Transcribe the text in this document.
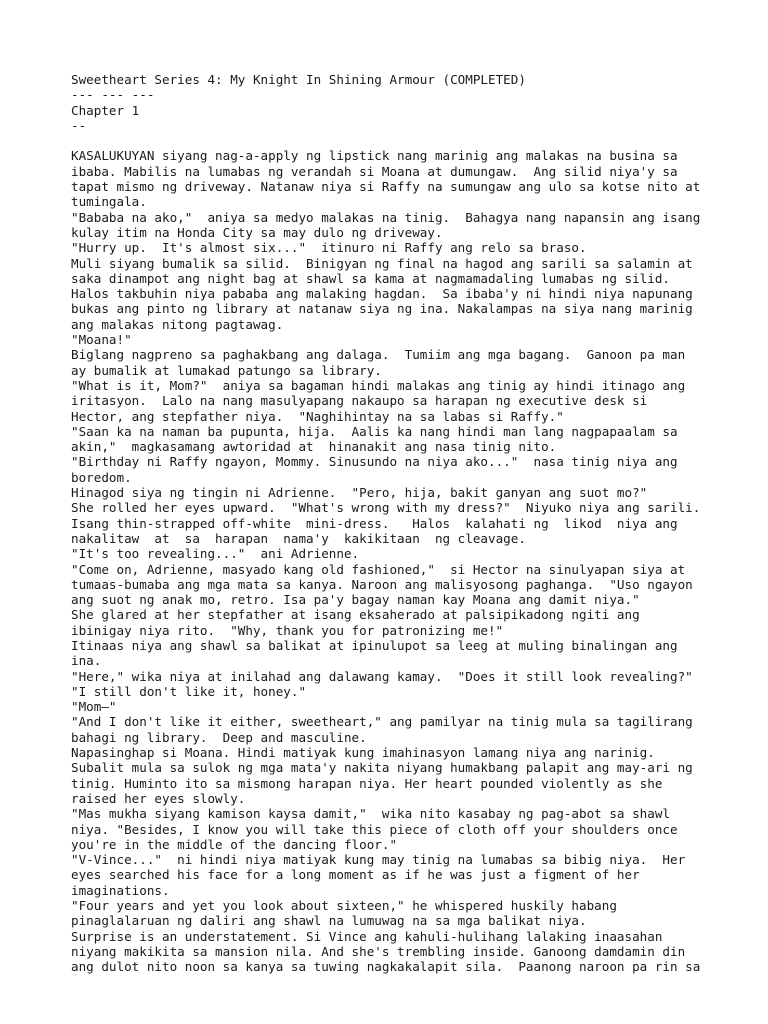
Sweetheart Series 4: My Knight In Shining Armour (COMPLETED)
--- --- ---
Chapter 1
--
KASALUKUYAN siyang nag-a-apply ng lipstick nang marinig ang malakas na busina sa
ibaba. Mabilis na lumabas ng verandah si Moana at dumungaw.  Ang silid niya'y sa
tapat mismo ng driveway. Natanaw niya si Raffy na sumungaw ang ulo sa kotse nito at
tumingala.
"Bababa na ako,"  aniya sa medyo malakas na tinig.  Bahagya nang napansin ang isang
kulay itim na Honda City sa may dulo ng driveway.
"Hurry up.  It's almost six..."  itinuro ni Raffy ang relo sa braso.
Muli siyang bumalik sa silid.  Binigyan ng final na hagod ang sarili sa salamin at
saka dinampot ang night bag at shawl sa kama at nagmamadaling lumabas ng silid.
Halos takbuhin niya pababa ang malaking hagdan.  Sa ibaba'y ni hindi niya napunang
bukas ang pinto ng library at natanaw siya ng ina. Nakalampas na siya nang marinig
ang malakas nitong pagtawag.
"Moana!"
Biglang nagpreno sa paghakbang ang dalaga.  Tumiim ang mga bagang.  Ganoon pa man
ay bumalik at lumakad patungo sa library.
"What is it, Mom?"  aniya sa bagaman hindi malakas ang tinig ay hindi itinago ang
iritasyon.  Lalo na nang masulyapang nakaupo sa harapan ng executive desk si
Hector, ang stepfather niya.  "Naghihintay na sa labas si Raffy."
"Saan ka na naman ba pupunta, hija.  Aalis ka nang hindi man lang nagpapaalam sa
akin,"  magkasamang awtoridad at  hinanakit ang nasa tinig nito.
"Birthday ni Raffy ngayon, Mommy. Sinusundo na niya ako..."  nasa tinig niya ang
boredom.
Hinagod siya ng tingin ni Adrienne.  "Pero, hija, bakit ganyan ang suot mo?"
She rolled her eyes upward.  "What's wrong with my dress?"  Niyuko niya ang sarili.
Isang thin-strapped off-white  mini-dress.   Halos  kalahati ng  likod  niya ang
nakalitaw  at  sa  harapan  nama'y  kakikitaan  ng cleavage.
"It's too revealing..."  ani Adrienne.
"Come on, Adrienne, masyado kang old fashioned,"  si Hector na sinulyapan siya at
tumaas-bumaba ang mga mata sa kanya. Naroon ang malisyosong paghanga.  "Uso ngayon
ang suot ng anak mo, retro. Isa pa'y bagay naman kay Moana ang damit niya."
She glared at her stepfather at isang eksaherado at palsipikadong ngiti ang
ibinigay niya rito.  "Why, thank you for patronizing me!"
Itinaas niya ang shawl sa balikat at ipinulupot sa leeg at muling binalingan ang
ina.
"Here," wika niya at inilahad ang dalawang kamay.  "Does it still look revealing?"
"I still don't like it, honey."
"Mom—"
"And I don't like it either, sweetheart," ang pamilyar na tinig mula sa tagilirang
bahagi ng library.  Deep and masculine.
Napasinghap si Moana. Hindi matiyak kung imahinasyon lamang niya ang narinig.
Subalit mula sa sulok ng mga mata'y nakita niyang humakbang palapit ang may-ari ng
tinig. Huminto ito sa mismong harapan niya. Her heart pounded violently as she
raised her eyes slowly.
"Mas mukha siyang kamison kaysa damit,"  wika nito kasabay ng pag-abot sa shawl
niya. "Besides, I know you will take this piece of cloth off your shoulders once
you're in the middle of the dancing floor."
"V-Vince..."  ni hindi niya matiyak kung may tinig na lumabas sa bibig niya.  Her
eyes searched his face for a long moment as if he was just a figment of her
imaginations.
"Four years and yet you look about sixteen," he whispered huskily habang
pinaglalaruan ng daliri ang shawl na lumuwag na sa mga balikat niya.
Surprise is an understatement. Si Vince ang kahuli-hulihang lalaking inaasahan
niyang makikita sa mansion nila. And she's trembling inside. Ganoong damdamin din
ang dulot nito noon sa kanya sa tuwing nagkakalapit sila.  Paanong naroon pa rin sa
